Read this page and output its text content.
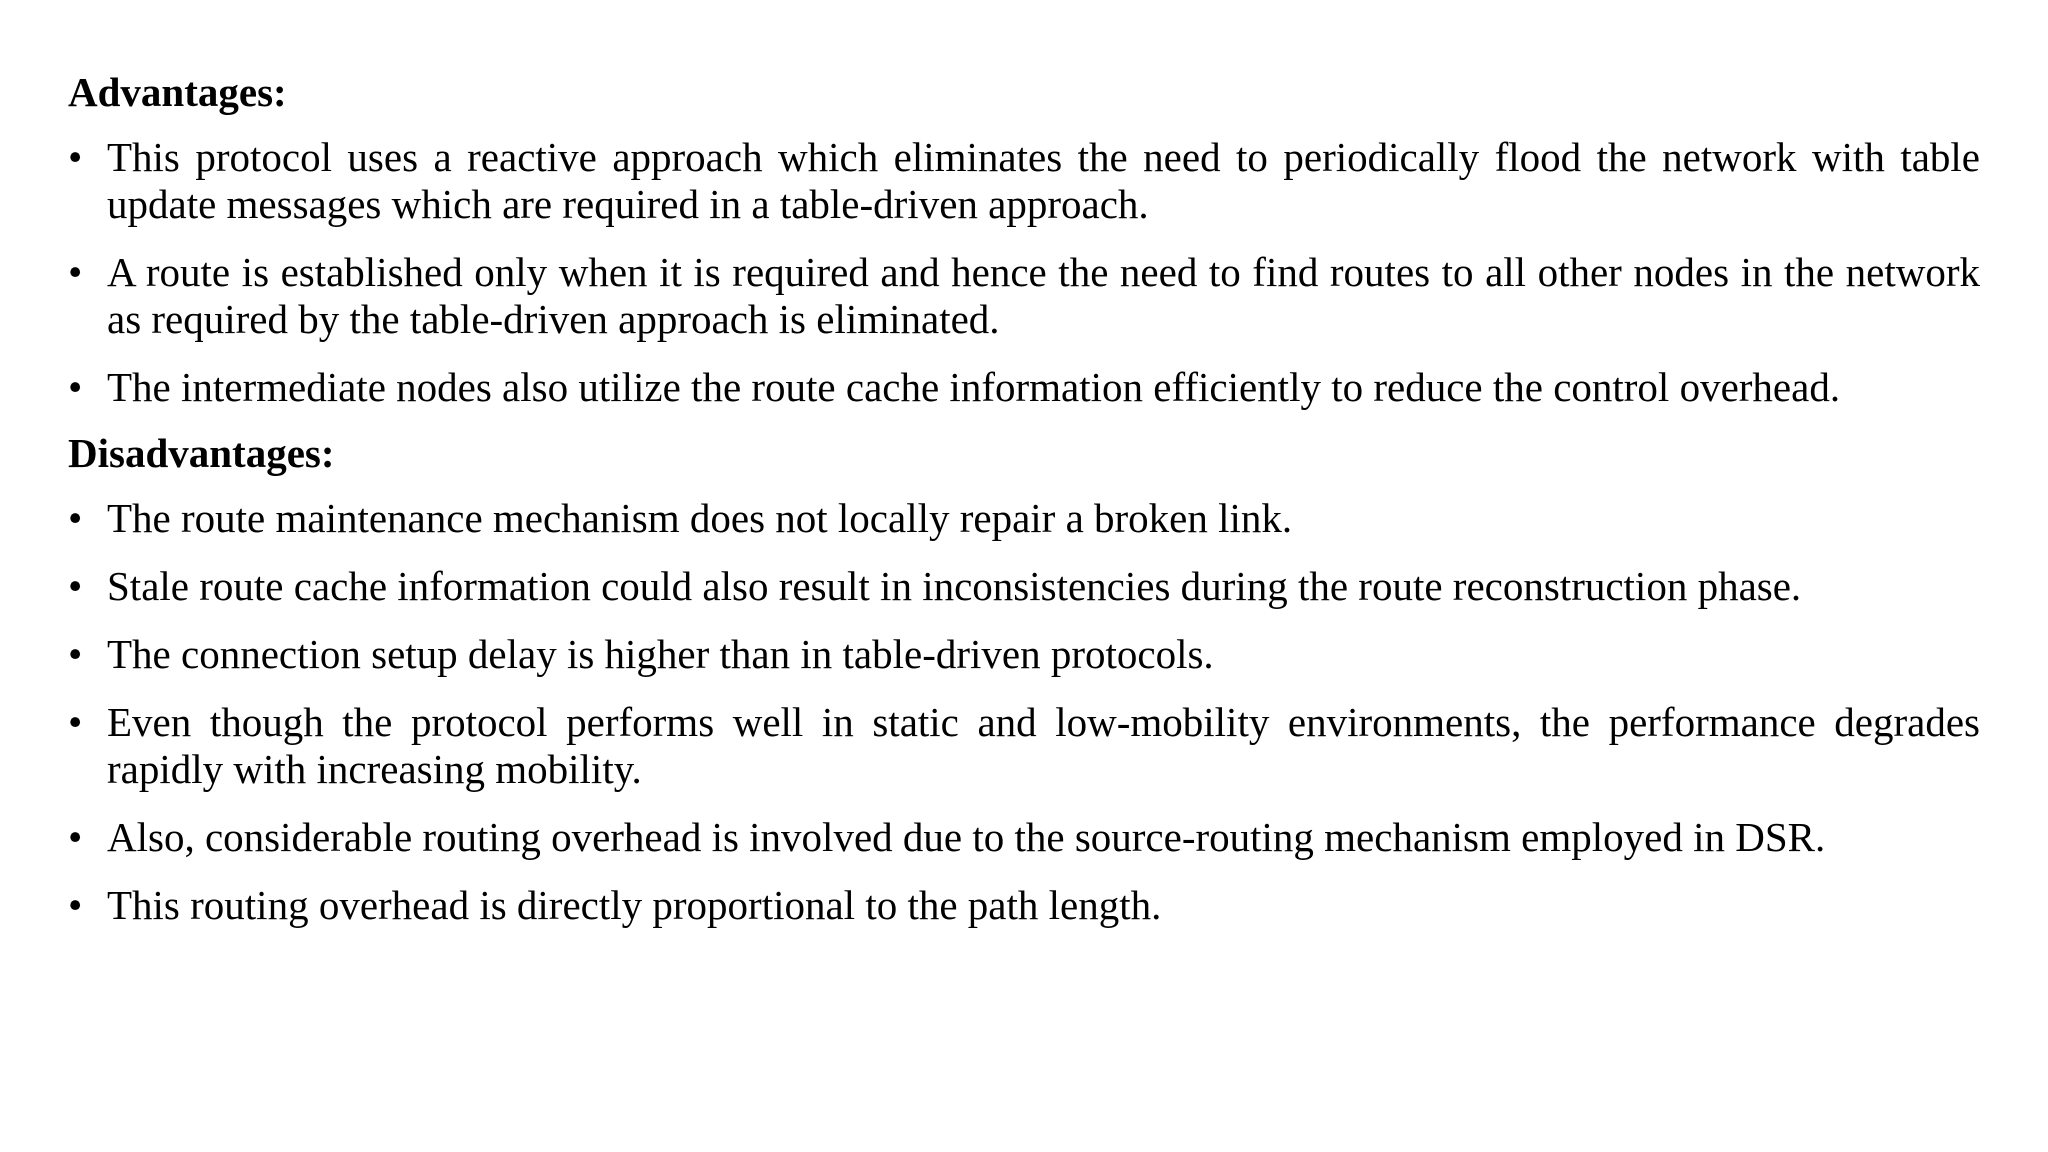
Advantages:
• This protocol uses a reactive approach which eliminates the need to periodically flood the network with table update messages which are required in a table-driven approach.
• A route is established only when it is required and hence the need to find routes to all other nodes in the network as required by the table-driven approach is eliminated.
• The intermediate nodes also utilize the route cache information efficiently to reduce the control overhead.
Disadvantages:
• The route maintenance mechanism does not locally repair a broken link.
• Stale route cache information could also result in inconsistencies during the route reconstruction phase.
• The connection setup delay is higher than in table-driven protocols.
• Even though the protocol performs well in static and low-mobility environments, the performance degrades rapidly with increasing mobility.
• Also, considerable routing overhead is involved due to the source-routing mechanism employed in DSR.
• This routing overhead is directly proportional to the path length.
